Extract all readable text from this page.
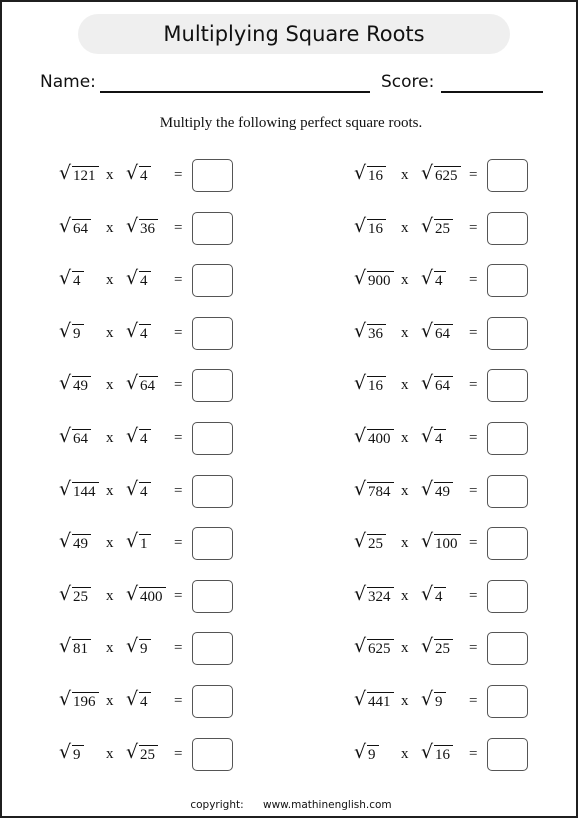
Multiplying Square Roots
Name:	Score:
Multiply the following perfect square roots.
√ 121 x √ 4 =	√ 16 x √ 625 =
√ 64 x √ 36 =	√ 16 x √ 25 =
√ 4 x √ 4 =	√ 900 x √ 4 =
√ 9 x √ 4 =	√ 36 x √ 64 =
√ 49 x √ 64 =	√ 16 x √ 64 =
√ 64 x √ 4 =	√ 400 x √ 4 =
√ 144 x √ 4 =	√ 784 x √ 49 =
√ 49 x √ 1 =	√ 25 x √ 100 =
√ 25 x √ 400 =	√ 324 x √ 4 =
√ 81 x √ 9 =	√ 625 x √ 25 =
√ 196 x √ 4 =	√ 441 x √ 9 =
√ 9 x √ 25 =	√ 9 x √ 16 =
copyright: www.mathinenglish.com
